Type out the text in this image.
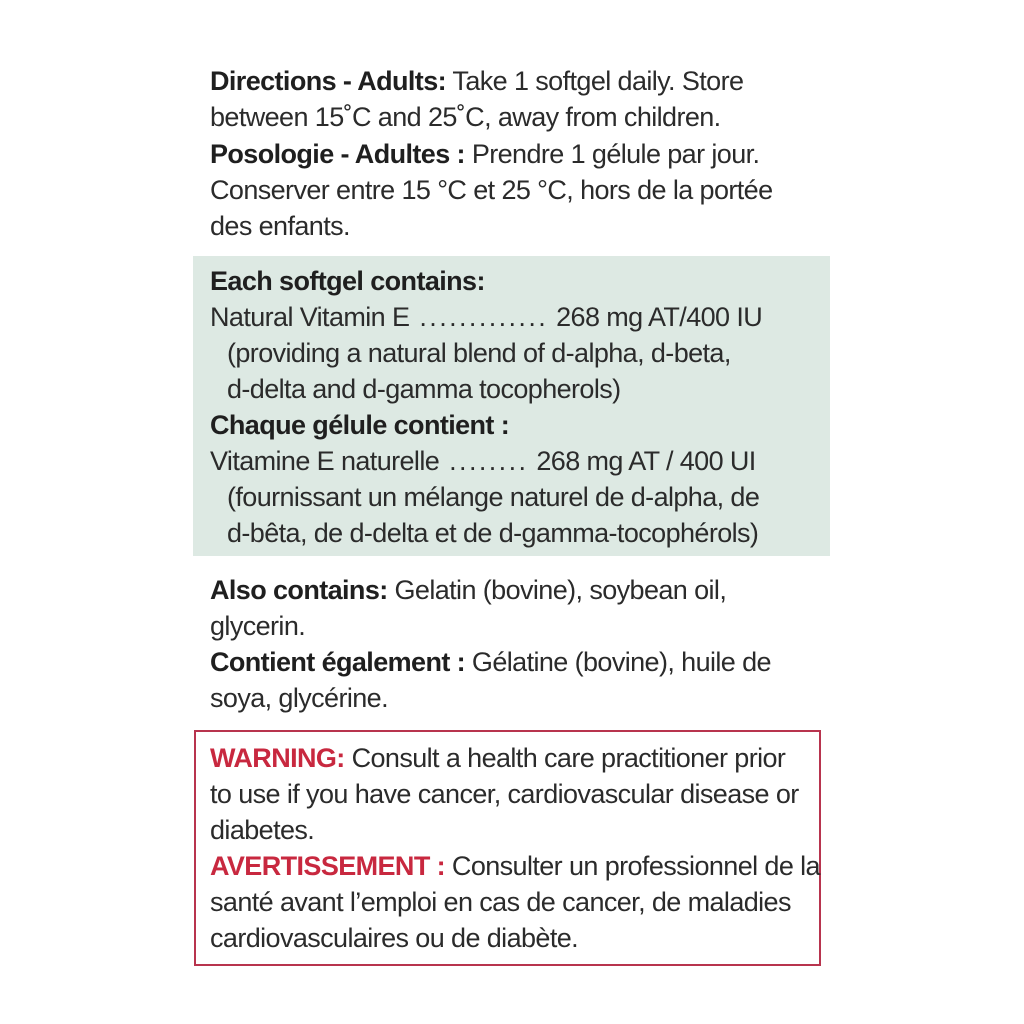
Directions - Adults: Take 1 softgel daily. Store
between 15˚C and 25˚C, away from children.

Posologie - Adultes : Prendre 1 gélule par jour.
Conserver entre 15 °C et 25 °C, hors de la portée
des enfants.

Each softgel contains:

Natural Vitamin E ............. 268 mg AT/400 IU

(providing a natural blend of d-alpha, d-beta,
d-delta and d-gamma tocopherols)

Chaque gélule contient :

Vitamine E naturelle ........ 268 mg AT / 400 UI

(fournissant un mélange naturel de d-alpha, de
d-bêta, de d-delta et de d-gamma-tocophérols)

Also contains: Gelatin (bovine), soybean oil,
glycerin.

Contient également : Gélatine (bovine), huile de
soya, glycérine.

WARNING: Consult a health care practitioner prior
to use if you have cancer, cardiovascular disease or
diabetes.

AVERTISSEMENT : Consulter un professionnel de la
santé avant l’emploi en cas de cancer, de maladies
cardiovasculaires ou de diabète.
